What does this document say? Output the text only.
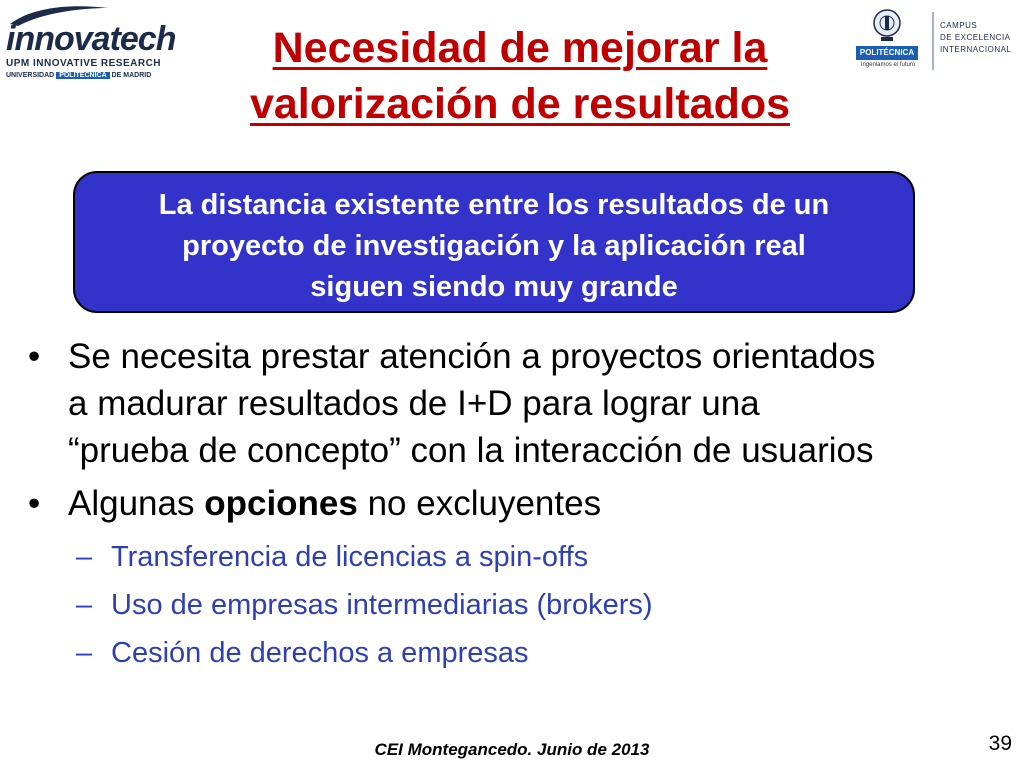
innovatech
UPM INNOVATIVE RESEARCH
UNIVERSIDAD POLITÉCNICA DE MADRID
Necesidad de mejorar la
valorización de resultados
POLITÉCNICA
Ingeniamos el futuro
CAMPUS
DE EXCELENCIA
INTERNACIONAL
La distancia existente entre los resultados de un
proyecto de investigación y la aplicación real
siguen siendo muy grande
• Se necesita prestar atención a proyectos orientados
a madurar resultados de I+D para lograr una
“prueba de concepto” con la interacción de usuarios
• Algunas opciones no excluyentes
– Transferencia de licencias a spin-offs
– Uso de empresas intermediarias (brokers)
– Cesión de derechos a empresas
CEI Montegancedo. Junio de 2013	39
